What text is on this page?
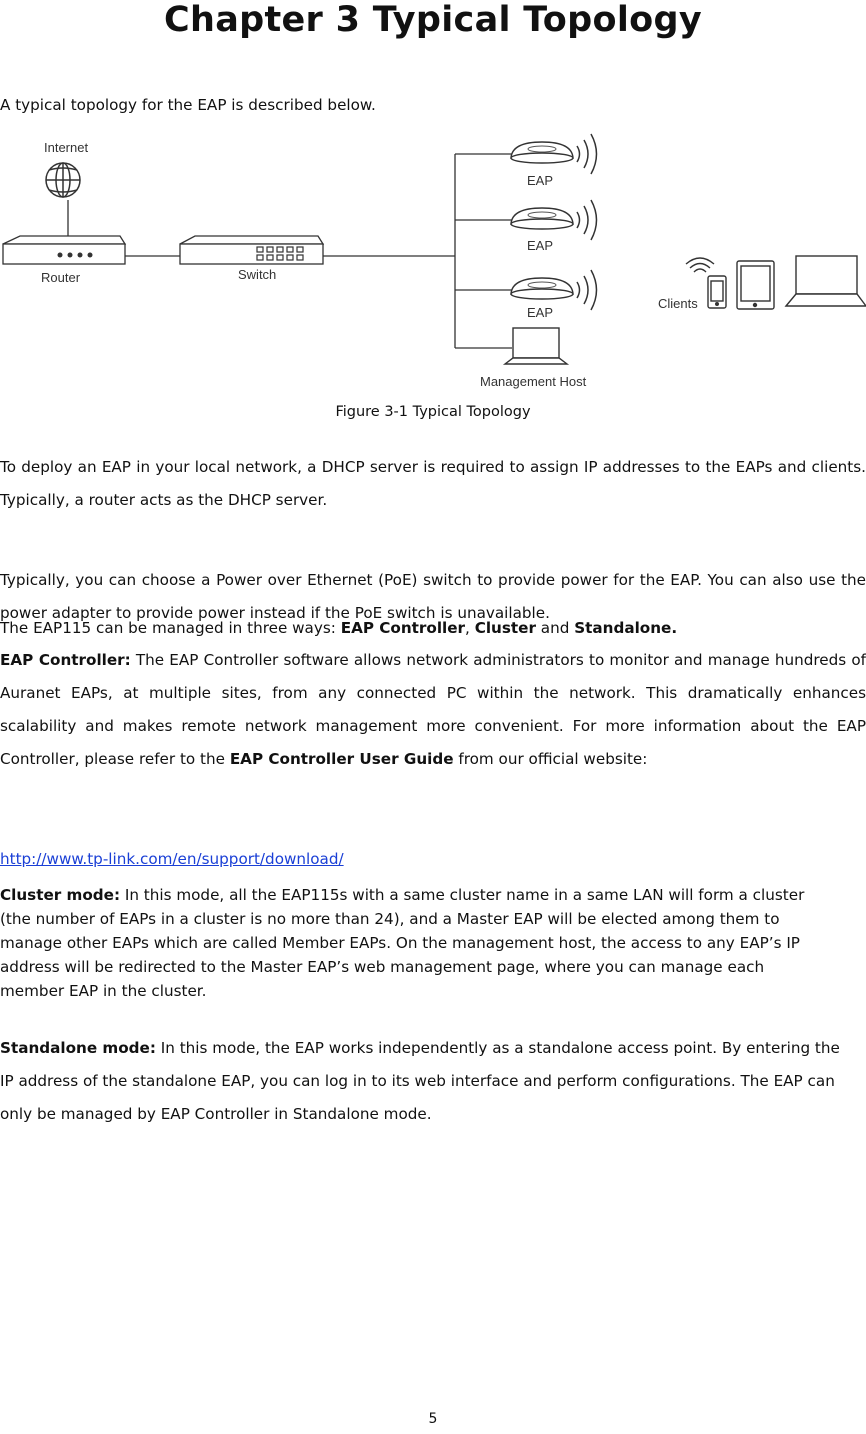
Chapter 3 Typical Topology

A typical topology for the EAP is described below.

Internet
Router	Switch
EAP
EAP
EAP
Management Host
Clients
Figure 3-1 Typical Topology

To deploy an EAP in your local network, a DHCP server is required to assign IP addresses to the EAPs and clients. Typically, a router acts as the DHCP server.

Typically, you can choose a Power over Ethernet (PoE) switch to provide power for the EAP. You can also use the power adapter to provide power instead if the PoE switch is unavailable.

The EAP115 can be managed in three ways: EAP Controller, Cluster and Standalone.

EAP Controller: The EAP Controller software allows network administrators to monitor and manage hundreds of Auranet EAPs, at multiple sites, from any connected PC within the network. This dramatically enhances scalability and makes remote network management more convenient. For more information about the EAP Controller, please refer to the EAP Controller User Guide from our official website:

http://www.tp-link.com/en/support/download/

Cluster mode: In this mode, all the EAP115s with a same cluster name in a same LAN will form a cluster (the number of EAPs in a cluster is no more than 24), and a Master EAP will be elected among them to manage other EAPs which are called Member EAPs. On the management host, the access to any EAP’s IP address will be redirected to the Master EAP’s web management page, where you can manage each member EAP in the cluster.

Standalone mode: In this mode, the EAP works independently as a standalone access point. By entering the IP address of the standalone EAP, you can log in to its web interface and perform configurations. The EAP can only be managed by EAP Controller in Standalone mode.

5
